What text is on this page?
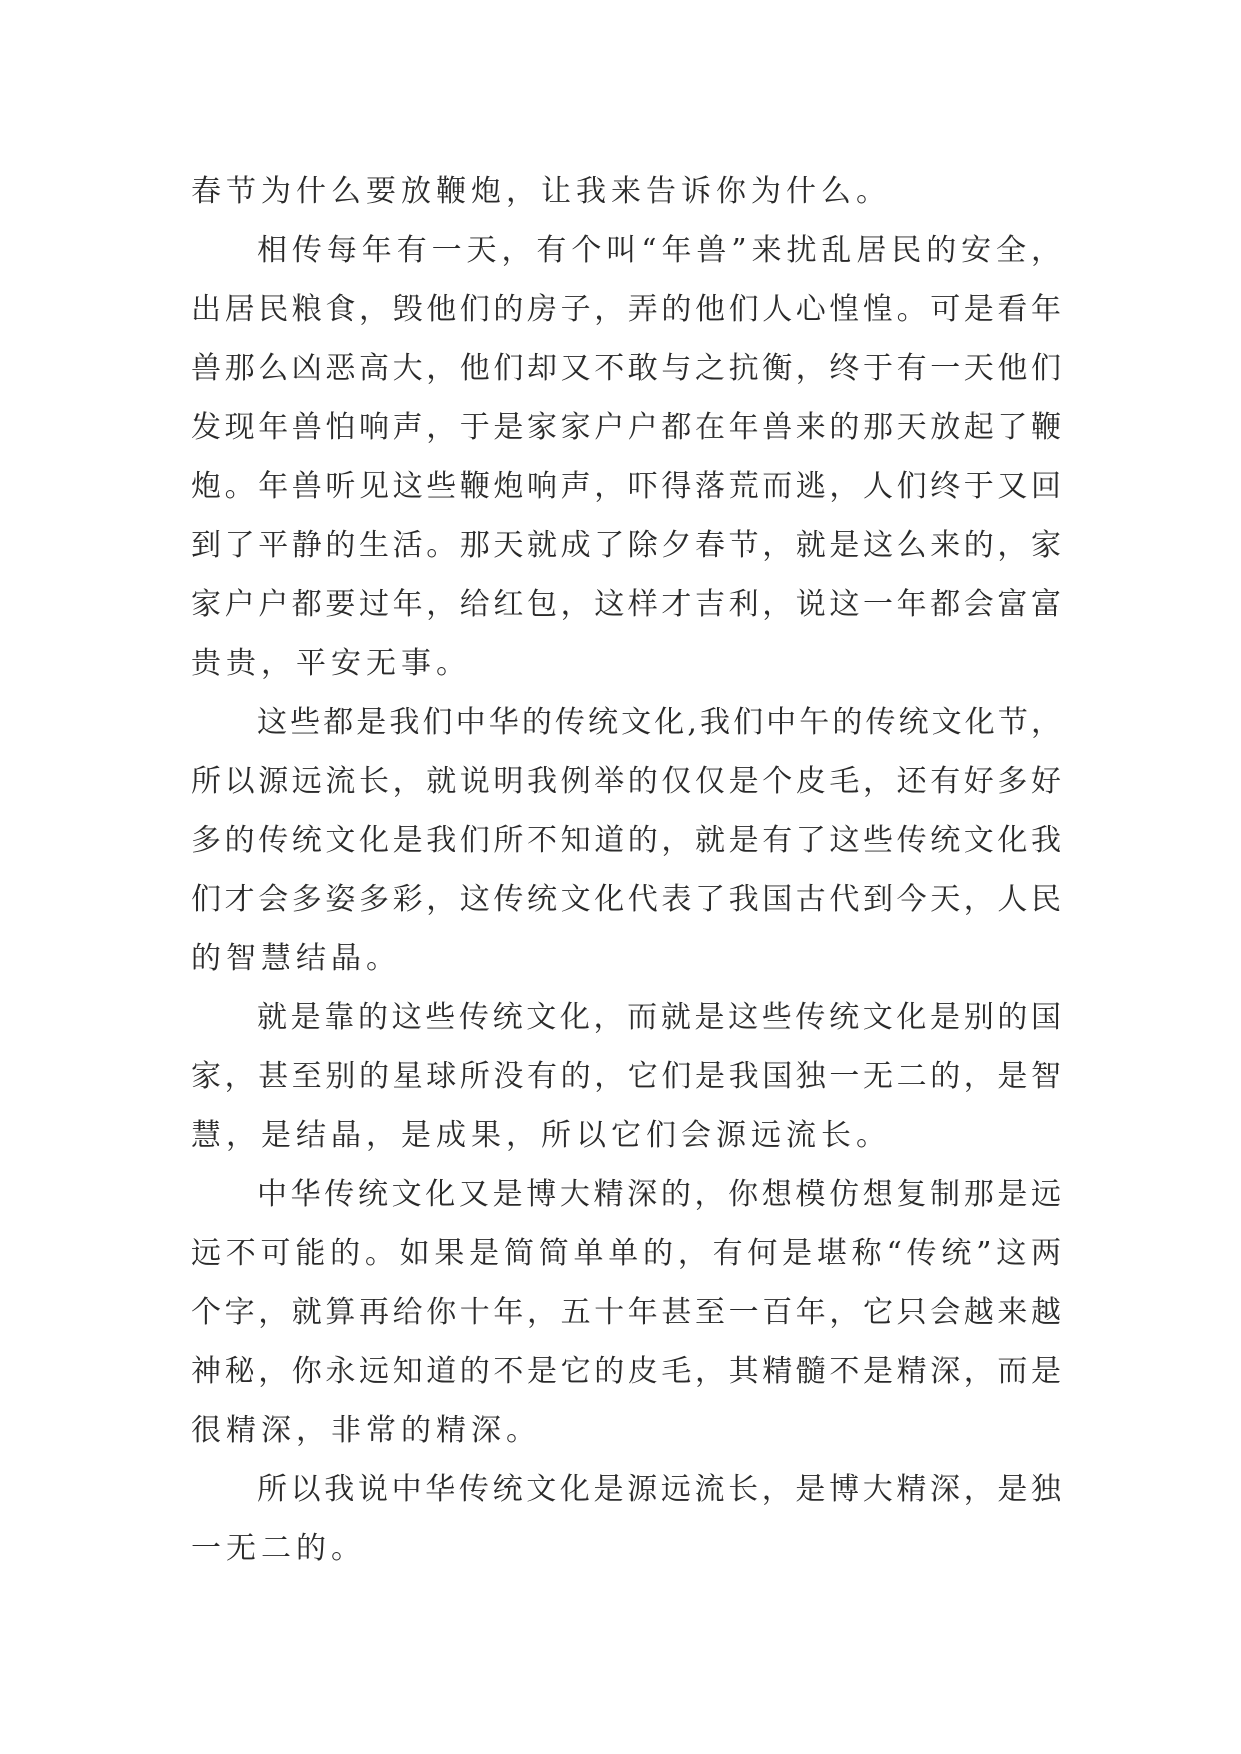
春节为什么要放鞭炮，让我来告诉你为什么。
相传每年有一天，有个叫“年兽”来扰乱居民的安全，
出居民粮食，毁他们的房子，弄的他们人心惶惶。可是看年
兽那么凶恶高大，他们却又不敢与之抗衡，终于有一天他们
发现年兽怕响声，于是家家户户都在年兽来的那天放起了鞭
炮。年兽听见这些鞭炮响声，吓得落荒而逃，人们终于又回
到了平静的生活。那天就成了除夕春节，就是这么来的，家
家户户都要过年，给红包，这样才吉利，说这一年都会富富
贵贵，平安无事。
这些都是我们中华的传统文化,我们中午的传统文化节，
所以源远流长，就说明我例举的仅仅是个皮毛，还有好多好
多的传统文化是我们所不知道的，就是有了这些传统文化我
们才会多姿多彩，这传统文化代表了我国古代到今天，人民
的智慧结晶。
就是靠的这些传统文化，而就是这些传统文化是别的国
家，甚至别的星球所没有的，它们是我国独一无二的，是智
慧，是结晶，是成果，所以它们会源远流长。
中华传统文化又是博大精深的，你想模仿想复制那是远
远不可能的。如果是简简单单的，有何是堪称“传统”这两
个字，就算再给你十年，五十年甚至一百年，它只会越来越
神秘，你永远知道的不是它的皮毛，其精髓不是精深，而是
很精深，非常的精深。
所以我说中华传统文化是源远流长，是博大精深，是独
一无二的。
